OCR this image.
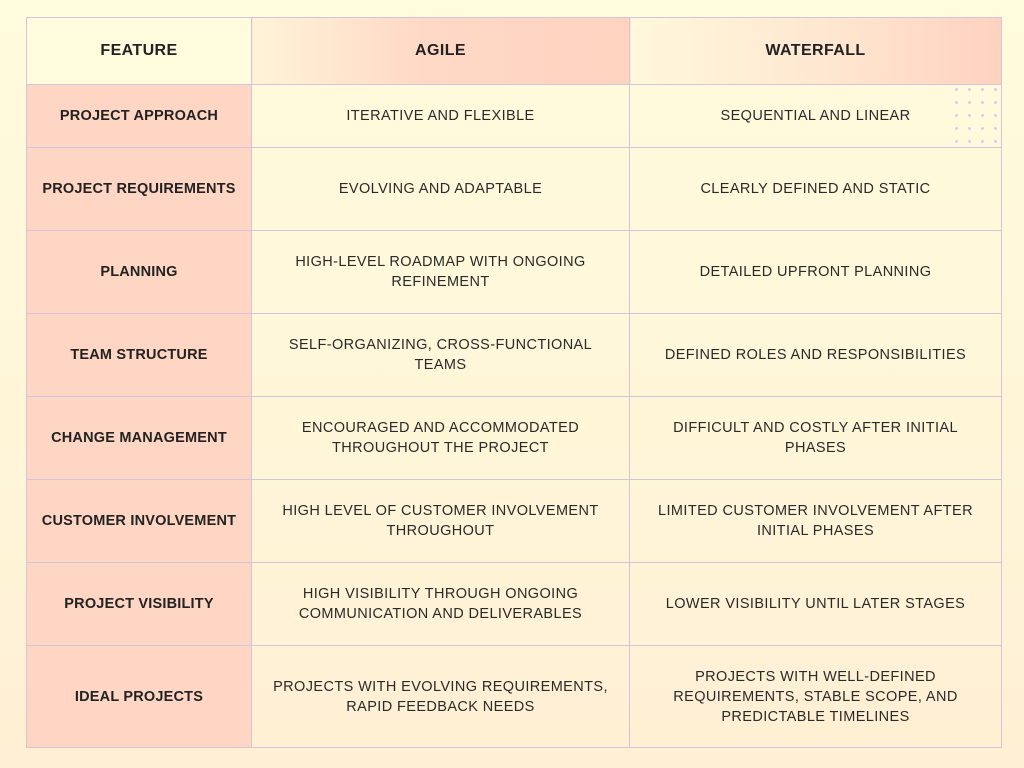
FEATURE	AGILE	WATERFALL
PROJECT APPROACH	ITERATIVE AND FLEXIBLE	SEQUENTIAL AND LINEAR
PROJECT REQUIREMENTS	EVOLVING AND ADAPTABLE	CLEARLY DEFINED AND STATIC
PLANNING	HIGH-LEVEL ROADMAP WITH ONGOING REFINEMENT	DETAILED UPFRONT PLANNING
TEAM STRUCTURE	SELF-ORGANIZING, CROSS-FUNCTIONAL TEAMS	DEFINED ROLES AND RESPONSIBILITIES
CHANGE MANAGEMENT	ENCOURAGED AND ACCOMMODATED THROUGHOUT THE PROJECT	DIFFICULT AND COSTLY AFTER INITIAL PHASES
CUSTOMER INVOLVEMENT	HIGH LEVEL OF CUSTOMER INVOLVEMENT THROUGHOUT	LIMITED CUSTOMER INVOLVEMENT AFTER INITIAL PHASES
PROJECT VISIBILITY	HIGH VISIBILITY THROUGH ONGOING COMMUNICATION AND DELIVERABLES	LOWER VISIBILITY UNTIL LATER STAGES
IDEAL PROJECTS	PROJECTS WITH EVOLVING REQUIREMENTS, RAPID FEEDBACK NEEDS	PROJECTS WITH WELL-DEFINED REQUIREMENTS, STABLE SCOPE, AND PREDICTABLE TIMELINES
